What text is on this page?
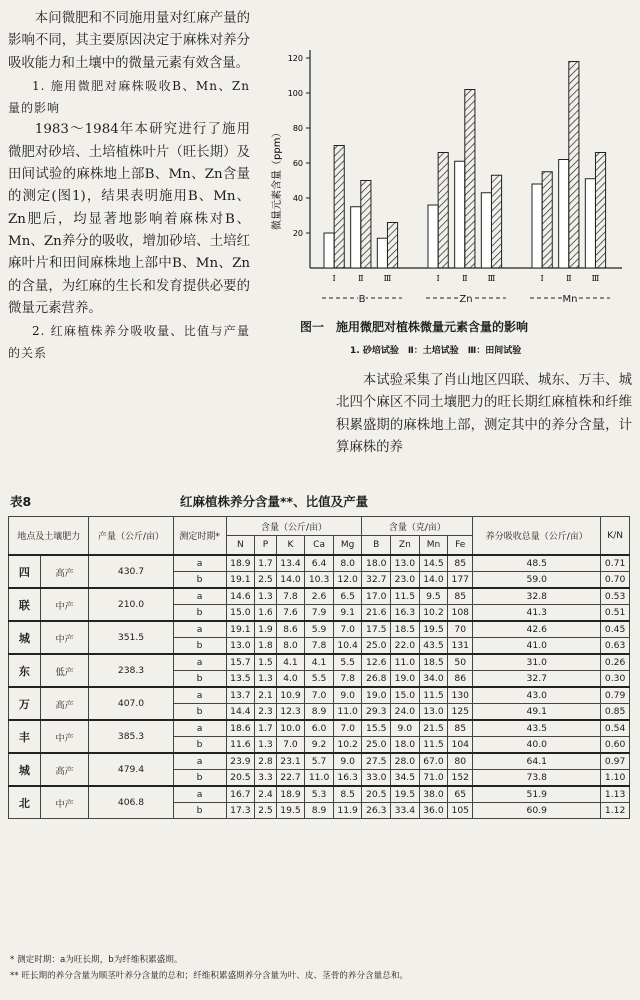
本问微肥和不同施用量对红麻产量的影响不同，其主要原因决定于麻株对养分吸收能力和土壤中的微量元素有效含量。

1. 施用微肥对麻株吸收B、Mn、Zn量的影响

1983～1984年本研究进行了施用微肥对砂培、土培植株叶片（旺长期）及田间试验的麻株地上部B、Mn、Zn含量的测定(图1)，结果表明施用B、Mn、Zn肥后，均显著地影响着麻株对B、Mn、Zn养分的吸收，增加砂培、土培红麻叶片和田间麻株地上部中B、Mn、Zn的含量，为红麻的生长和发育提供必要的微量元素营养。

2. 红麻植株养分吸收量、比值与产量的关系

微量元素含量（ppm）
20
40
60
80
100
120
Ⅰ	Ⅱ	Ⅲ
B
Ⅰ	Ⅱ	Ⅲ
Zn
Ⅰ	Ⅱ	Ⅲ
Mn
图一　施用微肥对植株微量元素含量的影响
1. 砂培试验　Ⅱ：土培试验　Ⅲ：田间试验

本试验采集了肖山地区四联、城东、万丰、城北四个麻区不同土壤肥力的旺长期红麻植株和纤维积累盛期的麻株地上部，测定其中的养分含量，计算麻株的养

表8	红麻植株养分含量**、比值及产量
地点及土壤肥力		产量（公斤/亩）	测定时期*	含量（公斤/亩）					含量（克/亩）				养分吸收总量（公斤/亩）	K/N
				N	P	K	Ca	Mg	B	Zn	Mn	Fe		
四	高产	430.7	a	18.9	1.7	13.4	6.4	8.0	18.0	13.0	14.5	85	48.5	0.71
			b	19.1	2.5	14.0	10.3	12.0	32.7	23.0	14.0	177	59.0	0.70
联	中产	210.0	a	14.6	1.3	7.8	2.6	6.5	17.0	11.5	9.5	85	32.8	0.53
			b	15.0	1.6	7.6	7.9	9.1	21.6	16.3	10.2	108	41.3	0.51
城	中产	351.5	a	19.1	1.9	8.6	5.9	7.0	17.5	18.5	19.5	70	42.6	0.45
			b	13.0	1.8	8.0	7.8	10.4	25.0	22.0	43.5	131	41.0	0.63
东	低产	238.3	a	15.7	1.5	4.1	4.1	5.5	12.6	11.0	18.5	50	31.0	0.26
			b	13.5	1.3	4.0	5.5	7.8	26.8	19.0	34.0	86	32.7	0.30
万	高产	407.0	a	13.7	2.1	10.9	7.0	9.0	19.0	15.0	11.5	130	43.0	0.79
			b	14.4	2.3	12.3	8.9	11.0	29.3	24.0	13.0	125	49.1	0.85
丰	中产	385.3	a	18.6	1.7	10.0	6.0	7.0	15.5	9.0	21.5	85	43.5	0.54
			b	11.6	1.3	7.0	9.2	10.2	25.0	18.0	11.5	104	40.0	0.60
城	高产	479.4	a	23.9	2.8	23.1	5.7	9.0	27.5	28.0	67.0	80	64.1	0.97
			b	20.5	3.3	22.7	11.0	16.3	33.0	34.5	71.0	152	73.8	1.10
北	中产	406.8	a	16.7	2.4	18.9	5.3	8.5	20.5	19.5	38.0	65	51.9	1.13
			b	17.3	2.5	19.5	8.9	11.9	26.3	33.4	36.0	105	60.9	1.12
* 测定时期：a为旺长期，b为纤维积累盛期。
** 旺长期的养分含量为顺茎叶养分含量的总和；纤维积累盛期养分含量为叶、皮、茎骨的养分含量总和。
